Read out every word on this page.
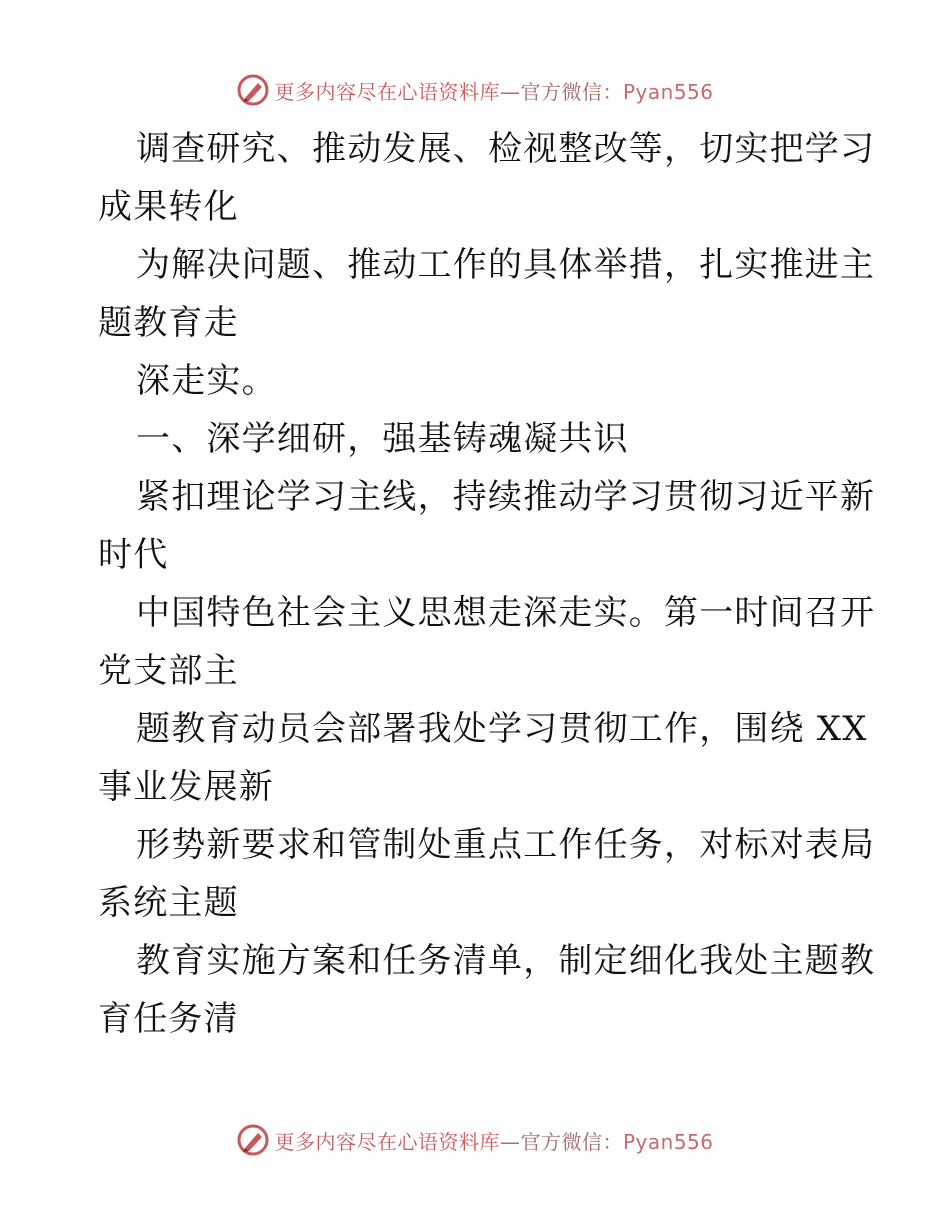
更多内容尽在心语资料库—官方微信：Pyan556
调查研究、推动发展、检视整改等，切实把学习
成果转化
为解决问题、推动工作的具体举措，扎实推进主
题教育走
深走实。
一、深学细研，强基铸魂凝共识
紧扣理论学习主线，持续推动学习贯彻习近平新
时代
中国特色社会主义思想走深走实。第一时间召开
党支部主
题教育动员会部署我处学习贯彻工作，围绕 XX
事业发展新
形势新要求和管制处重点工作任务，对标对表局
系统主题
教育实施方案和任务清单，制定细化我处主题教
育任务清
更多内容尽在心语资料库—官方微信：Pyan556
